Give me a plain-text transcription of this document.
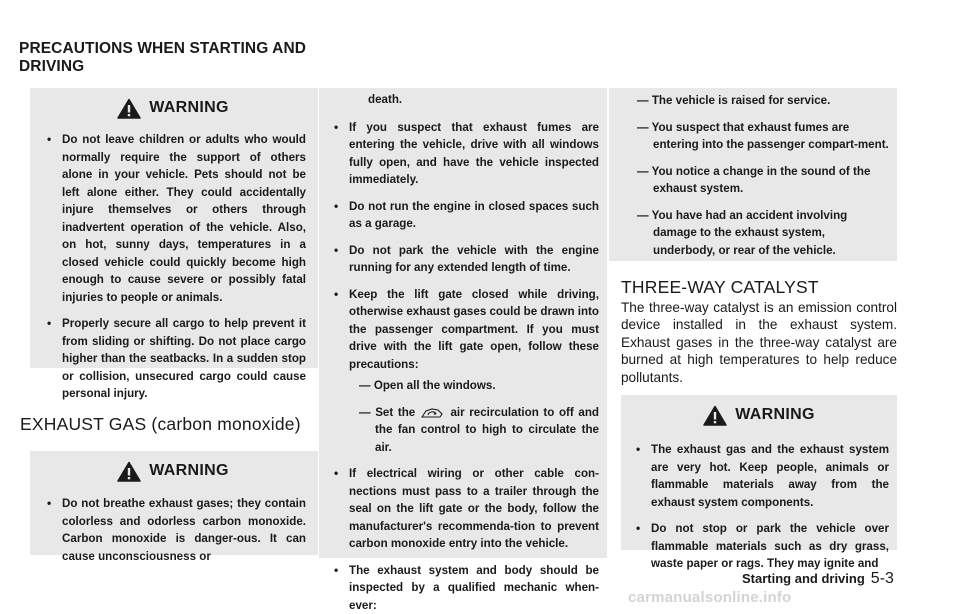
PRECAUTIONS WHEN STARTING AND DRIVING
WARNING
• Do not leave children or adults who would normally require the support of others alone in your vehicle. Pets should not be left alone either. They could accidentally injure themselves or others through inadvertent operation of the vehicle. Also, on hot, sunny days, temperatures in a closed vehicle could quickly become high enough to cause severe or possibly fatal injuries to people or animals.
• Properly secure all cargo to help prevent it from sliding or shifting. Do not place cargo higher than the seatbacks. In a sudden stop or collision, unsecured cargo could cause personal injury.
EXHAUST GAS (carbon monoxide)
WARNING
• Do not breathe exhaust gases; they contain colorless and odorless carbon monoxide. Carbon monoxide is danger-ous. It can cause unconsciousness or
death.
• If you suspect that exhaust fumes are entering the vehicle, drive with all windows fully open, and have the vehicle inspected immediately.
• Do not run the engine in closed spaces such as a garage.
• Do not park the vehicle with the engine running for any extended length of time.
• Keep the lift gate closed while driving, otherwise exhaust gases could be drawn into the passenger compartment. If you must drive with the lift gate open, follow these precautions:
— Open all the windows.
— Set the	air recirculation to off and the fan control to high to circulate the air.
• If electrical wiring or other cable con-nections must pass to a trailer through the seal on the lift gate or the body, follow the manufacturer's recommenda-tion to prevent carbon monoxide entry into the vehicle.
• The exhaust system and body should be inspected by a qualified mechanic when-ever:
— The vehicle is raised for service.
— You suspect that exhaust fumes are entering into the passenger compart-ment.
— You notice a change in the sound of the exhaust system.
— You have had an accident involving damage to the exhaust system, underbody, or rear of the vehicle.
THREE-WAY CATALYST

The three-way catalyst is an emission control device installed in the exhaust system. Exhaust gases in the three-way catalyst are burned at high temperatures to help reduce pollutants.

WARNING
• The exhaust gas and the exhaust system are very hot. Keep people, animals or flammable materials away from the exhaust system components.
• Do not stop or park the vehicle over flammable materials such as dry grass, waste paper or rags. They may ignite and
Starting and driving 5-3
carmanualsonline.info
